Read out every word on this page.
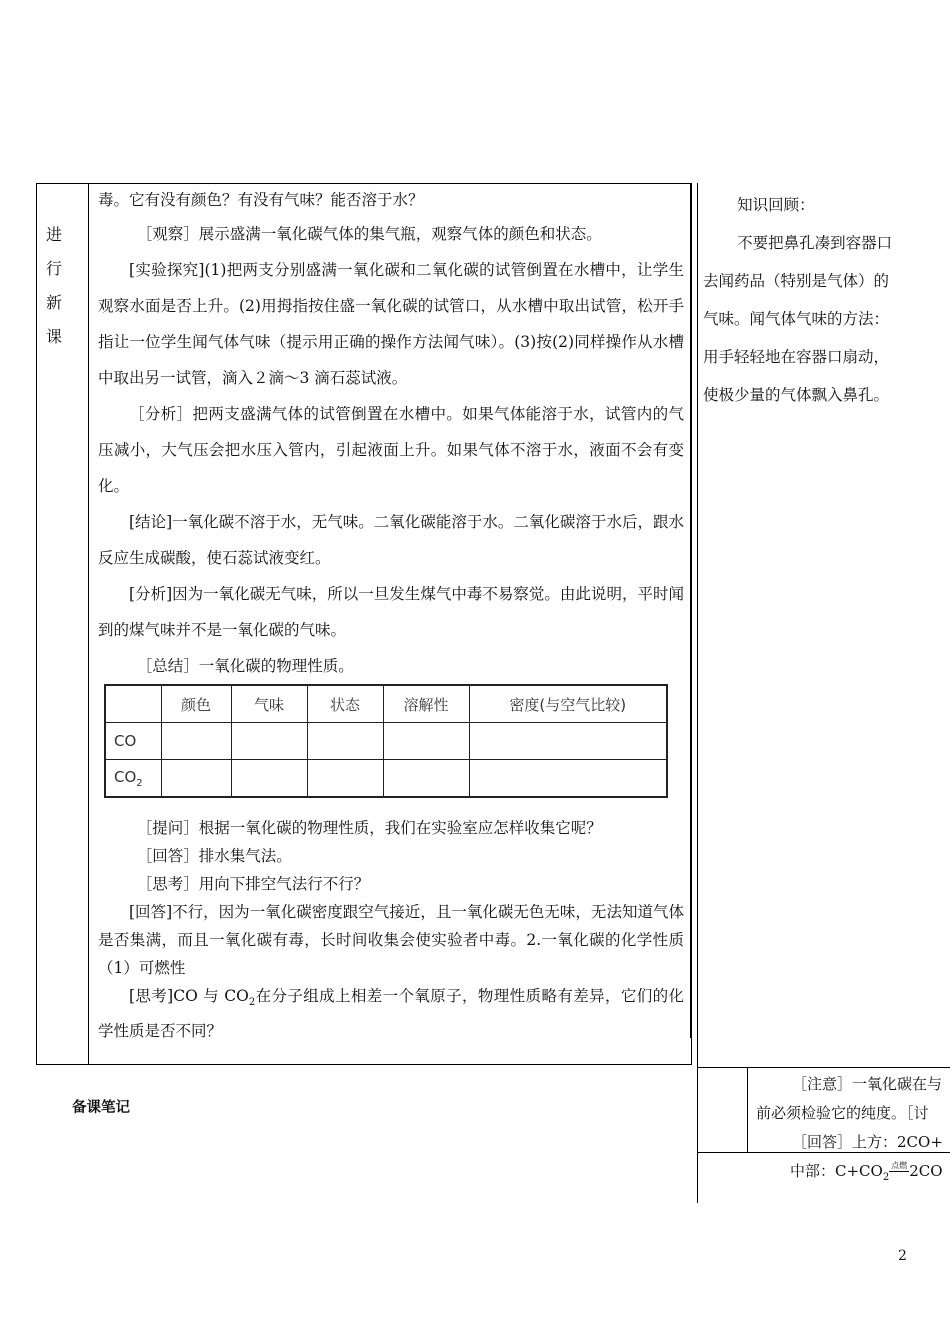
进
行
新
课

毒。它有没有颜色？有没有气味？能否溶于水？

［观察］展示盛满一氧化碳气体的集气瓶，观察气体的颜色和状态。

[实验探究](1)把两支分别盛满一氧化碳和二氧化碳的试管倒置在水槽中，让学生观察水面是否上升。(2)用拇指按住盛一氧化碳的试管口，从水槽中取出试管，松开手指让一位学生闻气体气味（提示用正确的操作方法闻气味）。(3)按(2)同样操作从水槽中取出另一试管，滴入２滴～3 滴石蕊试液。

［分析］把两支盛满气体的试管倒置在水槽中。如果气体能溶于水，试管内的气压减小，大气压会把水压入管内，引起液面上升。如果气体不溶于水，液面不会有变化。

[结论]一氧化碳不溶于水，无气味。二氧化碳能溶于水。二氧化碳溶于水后，跟水反应生成碳酸，使石蕊试液变红。

[分析]因为一氧化碳无气味，所以一旦发生煤气中毒不易察觉。由此说明，平时闻到的煤气味并不是一氧化碳的气味。

［总结］一氧化碳的物理性质。

	颜色	气味	状态	溶解性	密度(与空气比较)
CO					
$CO_2$					

［提问］根据一氧化碳的物理性质，我们在实验室应怎样收集它呢？

［回答］排水集气法。

［思考］用向下排空气法行不行？

[回答]不行，因为一氧化碳密度跟空气接近，且一氧化碳无色无味，无法知道气体是否集满，而且一氧化碳有毒，长时间收集会使实验者中毒。2.一氧化碳的化学性质（1）可燃性

[思考]CO 与 $CO_2$在分子组成上相差一个氧原子，物理性质略有差异，它们的化学性质是否不同？

知识回顾：

不要把鼻孔凑到容器口去闻药品（特别是气体）的气味。闻气体气味的方法：用手轻轻地在容器口扇动，使极少量的气体飘入鼻孔。

备课笔记

［注意］一氧化碳在与

前必须检验它的纯度。［讨

［回答］上方：2CO+

中部：$C+CO_2$点燃 2CO

2
